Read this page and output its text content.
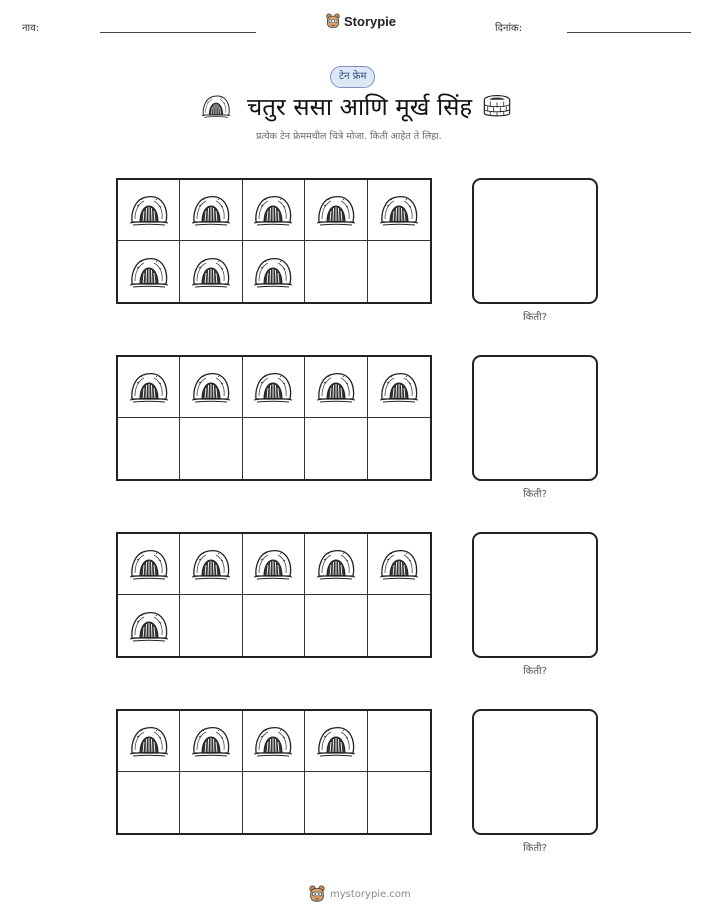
नाव:	Storypie	दिनांक:
टेन फ्रेम
चतुर ससा आणि मूर्ख सिंह
प्रत्येक टेन फ्रेममधील चित्रे मोजा. किती आहेत ते लिहा.
किती?
किती?
किती?
किती?
mystorypie.com
